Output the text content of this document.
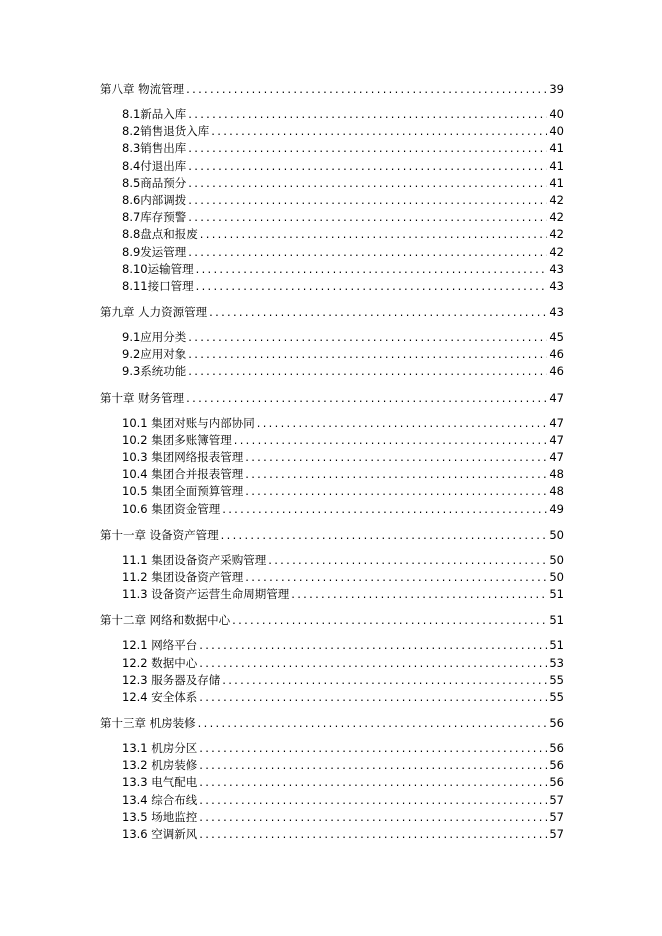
第八章 物流管理 .....	39
8.1新品入库 .....	40
8.2销售退货入库 .....	40
8.3销售出库 .....	41
8.4付退出库 .....	41
8.5商品预分 .....	41
8.6内部调拨 .....	42
8.7库存预警 .....	42
8.8盘点和报废 .....	42
8.9发运管理 .....	42
8.10运输管理 .....	43
8.11接口管理 .....	43
第九章 人力资源管理 .....	43
9.1应用分类 .....	45
9.2应用对象 .....	46
9.3系统功能 .....	46
第十章 财务管理 .....	47
10.1 集团对账与内部协同 .....	47
10.2 集团多账簿管理 .....	47
10.3 集团网络报表管理 .....	47
10.4 集团合并报表管理 .....	48
10.5 集团全面预算管理 .....	48
10.6 集团资金管理 .....	49
第十一章 设备资产管理 .....	50
11.1 集团设备资产采购管理 .....	50
11.2 集团设备资产管理 .....	50
11.3 设备资产运营生命周期管理 .....	51
第十二章 网络和数据中心 .....	51
12.1 网络平台 .....	51
12.2 数据中心 .....	53
12.3 服务器及存储 .....	55
12.4 安全体系 .....	55
第十三章 机房装修 .....	56
13.1 机房分区 .....	56
13.2 机房装修 .....	56
13.3 电气配电 .....	56
13.4 综合布线 .....	57
13.5 场地监控 .....	57
13.6 空调新风 .....	57
